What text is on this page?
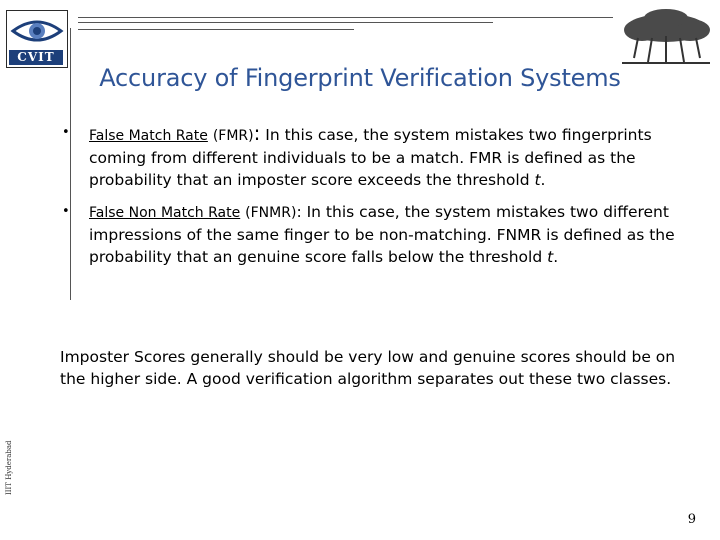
CVIT
Accuracy of Fingerprint Verification Systems
• False Match Rate (FMR): In this case, the system mistakes two fingerprints coming from different individuals to be a match. FMR is defined as the probability that an imposter score exceeds the threshold t.
• False Non Match Rate (FNMR): In this case, the system mistakes two different impressions of the same finger to be non-matching. FNMR is defined as the probability that an genuine score falls below the threshold t.

Imposter Scores generally should be very low and genuine scores should be on the higher side. A good verification algorithm separates out these two classes.

IIIT Hyderabad
9
